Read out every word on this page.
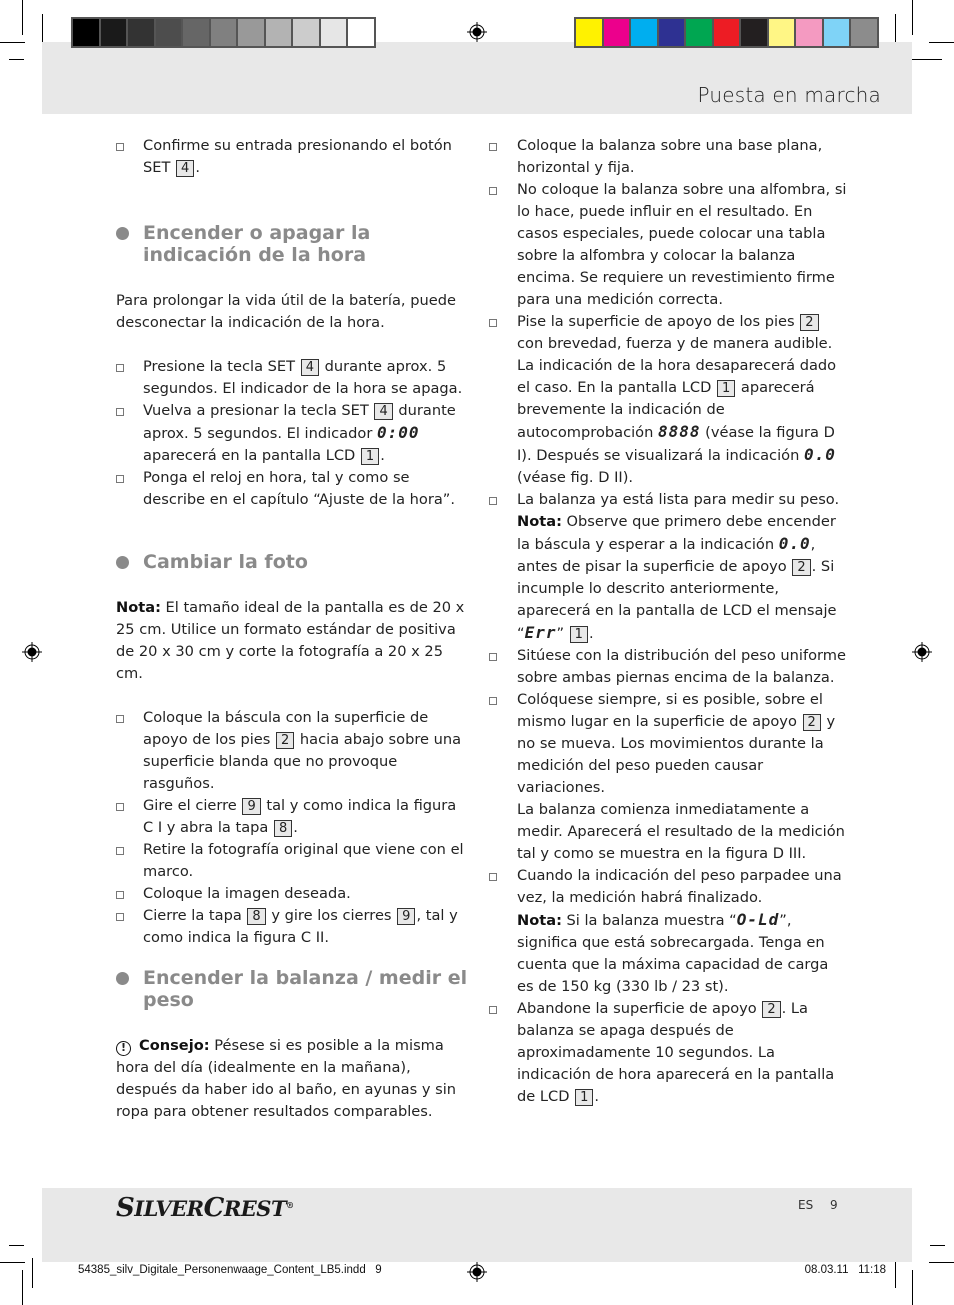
Puesta en marcha
Confirme su entrada presionando el botón SET 4 .
Encender o apagar la indicación de la hora

Para prolongar la vida útil de la batería, puede desconectar la indicación de la hora.

Presione la tecla SET 4 durante aprox. 5 segundos. El indicador de la hora se apaga.
Vuelva a presionar la tecla SET 4 durante aprox. 5 segundos. El indicador 0:00 aparecerá en la pantalla LCD 1 .
Ponga el reloj en hora, tal y como se describe en el capítulo “Ajuste de la hora”.
Cambiar la foto

Nota: El tamaño ideal de la pantalla es de 20 x 25 cm. Utilice un formato estándar de positiva de 20 x 30 cm y corte la fotografía a 20 x 25 cm.

Coloque la báscula con la superficie de apoyo de los pies 2 hacia abajo sobre una superficie blanda que no provoque rasguños.
Gire el cierre 9 tal y como indica la figura C I y abra la tapa 8 .
Retire la fotografía original que viene con el marco.
Coloque la imagen deseada.
Cierre la tapa 8 y gire los cierres 9 , tal y como indica la figura C II.
Encender la balanza / medir el peso

! Consejo: Pésese si es posible a la misma hora del día (idealmente en la mañana), después da haber ido al baño, en ayunas y sin ropa para obtener resultados comparables.

Coloque la balanza sobre una base plana, horizontal y fija.
No coloque la balanza sobre una alfombra, si lo hace, puede influir en el resultado. En casos especiales, puede colocar una tabla sobre la alfombra y colocar la balanza encima. Se requiere un revestimiento firme para una medición correcta.
Pise la superficie de apoyo de los pies 2 con brevedad, fuerza y de manera audible. La indicación de la hora desaparecerá dado el caso. En la pantalla LCD 1 aparecerá brevemente la indicación de autocomprobación 8888 (véase la figura D I). Después se visualizará la indicación 0.0 (véase fig. D II).
La balanza ya está lista para medir su peso.
Nota: Observe que primero debe encender la báscula y esperar a la indicación 0.0, antes de pisar la superficie de apoyo 2 . Si incumple lo descrito anteriormente, aparecerá en la pantalla de LCD el mensaje “Err” 1 .
Sitúese con la distribución del peso uniforme sobre ambas piernas encima de la balanza.
Colóquese siempre, si es posible, sobre el mismo lugar en la superficie de apoyo 2 y no se mueva. Los movimientos durante la medición del peso pueden causar variaciones.
La balanza comienza inmediatamente a medir. Aparecerá el resultado de la medición tal y como se muestra en la figura D III.
Cuando la indicación del peso parpadee una vez, la medición habrá finalizado.
Nota: Si la balanza muestra “O-Ld”, significa que está sobrecargada. Tenga en cuenta que la máxima capacidad de carga es de 150 kg (330 lb / 23 st).
Abandone la superficie de apoyo 2 . La balanza se apaga después de aproximadamente 10 segundos. La indicación de hora aparecerá en la pantalla de LCD 1 .
SILVERCREST®	ES 9
54385_silv_Digitale_Personenwaage_Content_LB5.indd   9	08.03.11   11:18
